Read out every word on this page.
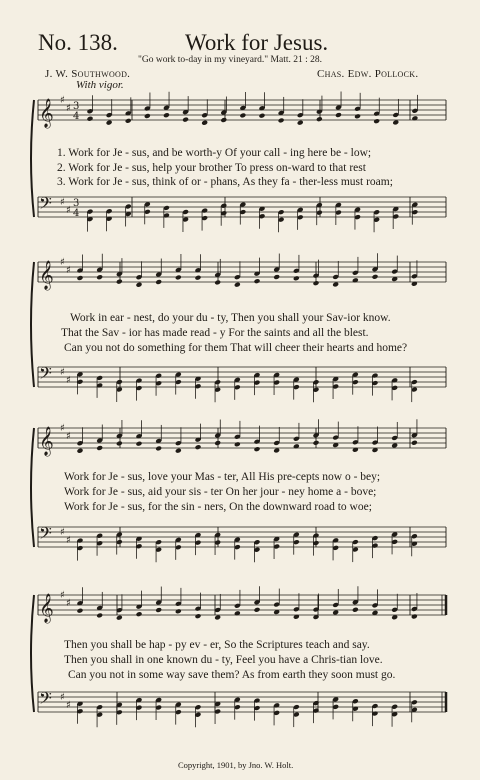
No. 138.	Work for Jesus.
"Go work to-day in my vineyard." Matt. 21 : 28.
J. W. Southwood.	Chas. Edw. Pollock.
With vigor.
𝄞 ♯
♯ 3
4
𝄢 ♯
♯
3
4
𝄞 ♯
♯
𝄢 ♯
♯
𝄞 ♯
♯
𝄢 ♯
♯
𝄞 ♯
♯
𝄢 ♯
♯
1. Work for Je - sus, and be worth-y Of your call - ing here be - low;
2. Work for Je - sus, help your brother To press on-ward to that rest
3. Work for Je - sus, think of or - phans, As they fa - ther-less must roam;
Work in ear - nest, do your du - ty, Then you shall your Sav-ior know.
That the Sav - ior has made read - y For the saints and all the blest.
Can you not do something for them That will cheer their hearts and home?
Work for Je - sus, love your Mas - ter, All His pre-cepts now o - bey;
Work for Je - sus, aid your sis - ter On her jour - ney home a - bove;
Work for Je - sus, for the sin - ners, On the downward road to woe;
Then you shall be hap - py ev - er, So the Scriptures teach and say.
Then you shall in one known du - ty, Feel you have a Chris-tian love.
Can you not in some way save them? As from earth they soon must go.
Copyright, 1901, by Jno. W. Holt.
